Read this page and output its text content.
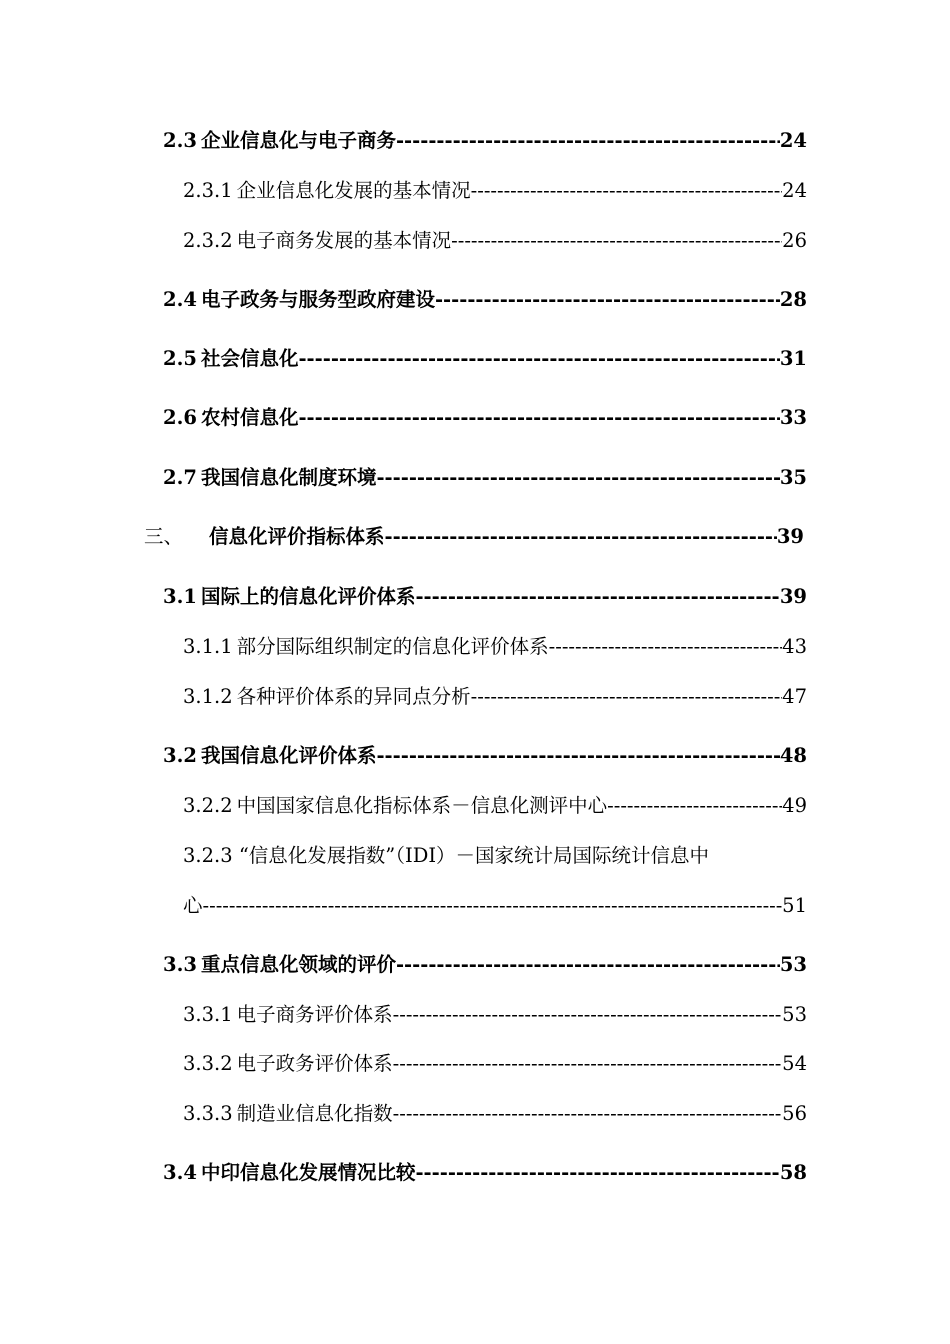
2.3 企业信息化与电子商务 -----	24
2.3.1 企业信息化发展的基本情况 -----	24
2.3.2 电子商务发展的基本情况 -----	26
2.4 电子政务与服务型政府建设 -----	28
2.5 社会信息化 -----	31
2.6 农村信息化 -----	33
2.7 我国信息化制度环境 -----	35
三、 信息化评价指标体系 -----	39
3.1 国际上的信息化评价体系 -----	39
3.1.1 部分国际组织制定的信息化评价体系 -----	43
3.1.2 各种评价体系的异同点分析 -----	47
3.2 我国信息化评价体系 -----	48
3.2.2 中国国家信息化指标体系－信息化测评中心 -----	49
3.2.3 “信息化发展指数”（IDI）－国家统计局国际统计信息中
心 -----	51
3.3 重点信息化领域的评价 -----	53
3.3.1 电子商务评价体系 -----	53
3.3.2 电子政务评价体系 -----	54
3.3.3 制造业信息化指数 -----	56
3.4 中印信息化发展情况比较 -----	58
